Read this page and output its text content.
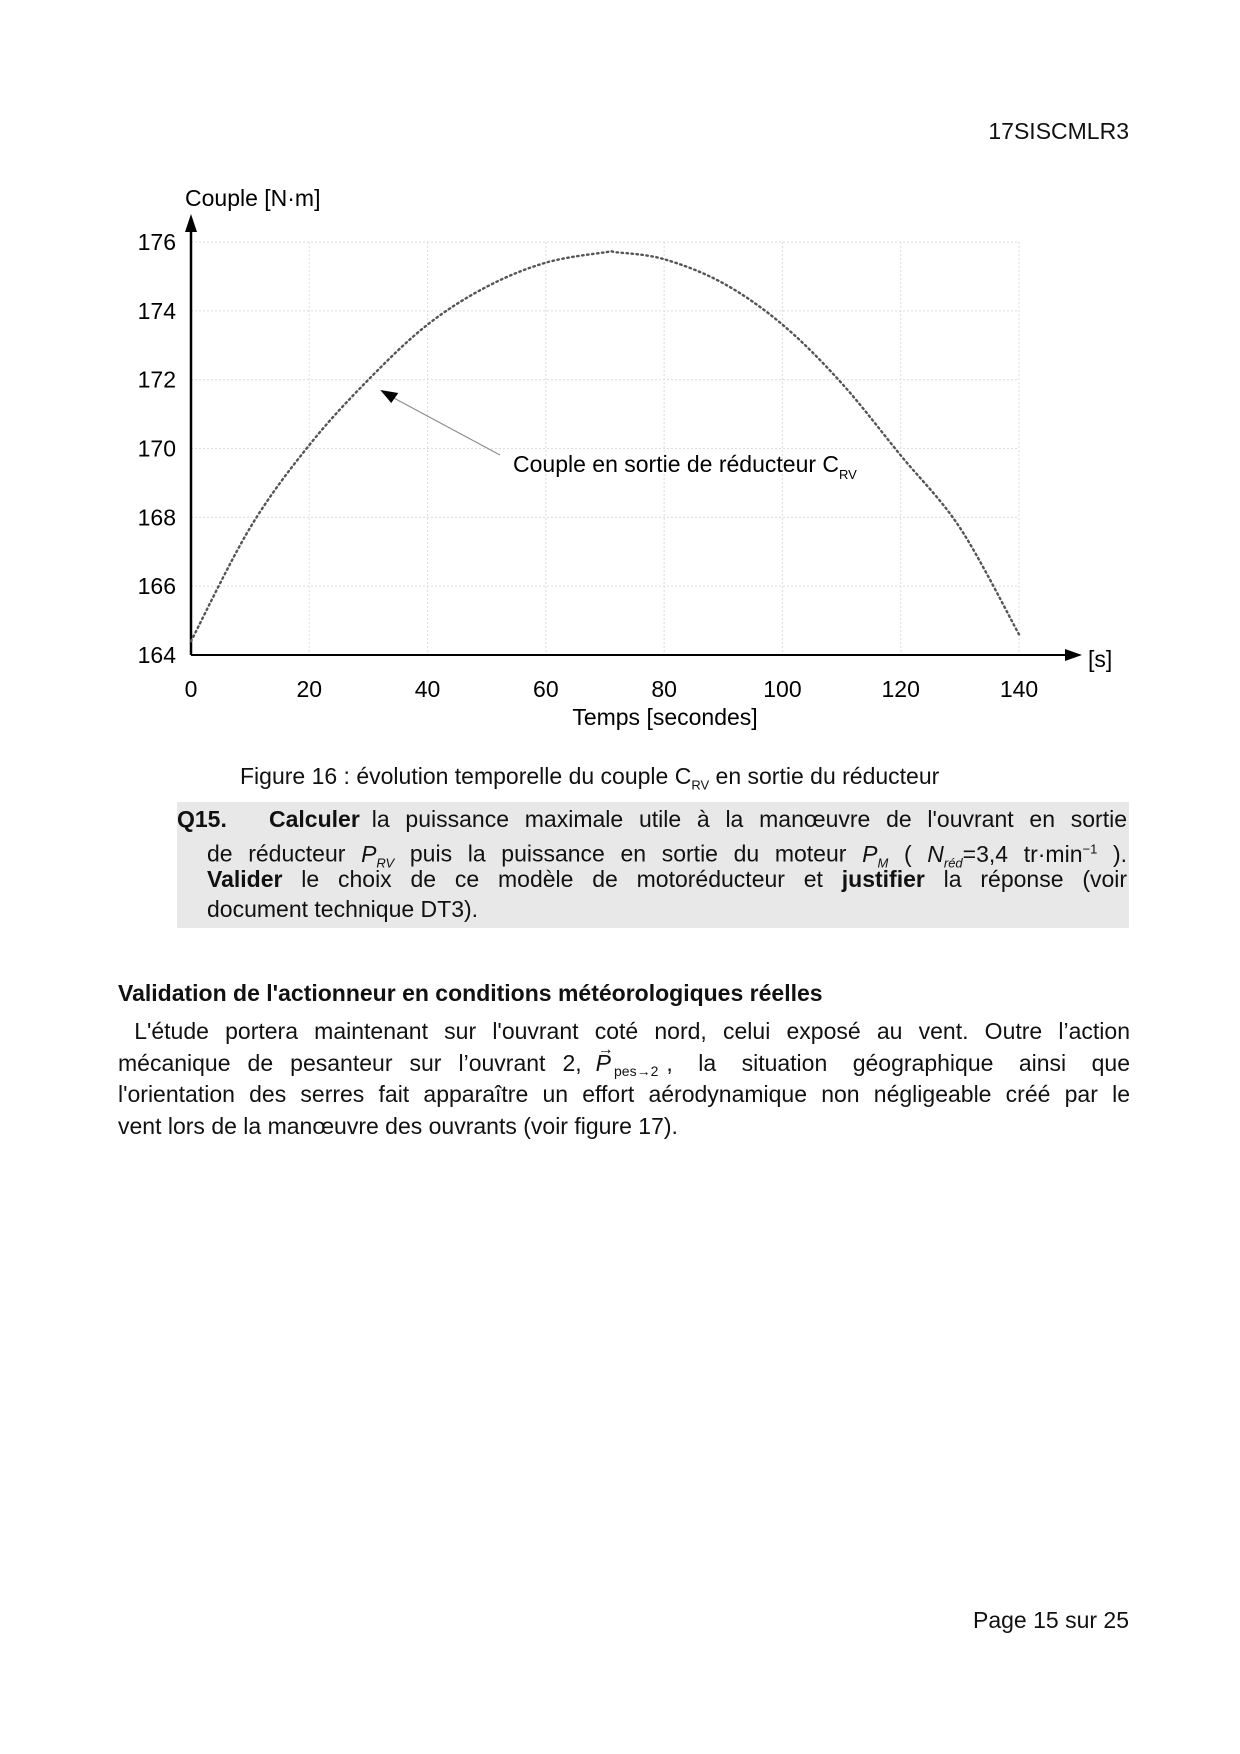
17SISCMLR3
176
174
172
170
168
166
164
0	20	40	60	80	100	120	140
Couple [N·m]
Temps [secondes]
[s]
Couple en sortie de réducteur $C_{RV}$
Figure 16 : évolution temporelle du couple $C_{RV}$ en sortie du réducteur
Q15. Calculer la puissance maximale utile à la manœuvre de l'ouvrant en sortie
de réducteur $P_{RV}$ puis la puissance en sortie du moteur $P_M$ ( $N_{réd}=3,4$ $tr\cdot\min^{-1}$ ).
Valider le choix de ce modèle de motoréducteur et justifier la réponse (voir
document technique DT3).
Validation de l'actionneur en conditions météorologiques réelles
L'étude portera maintenant sur l'ouvrant coté nord, celui exposé au vent. Outre l’action
mécanique de pesanteur sur l’ouvrant 2,
→ P $_{pes\to 2}$ , la situation géographique ainsi que
l'orientation des serres fait apparaître un effort aérodynamique non négligeable créé par le
vent lors de la manœuvre des ouvrants (voir figure 17).
Page 15 sur 25
